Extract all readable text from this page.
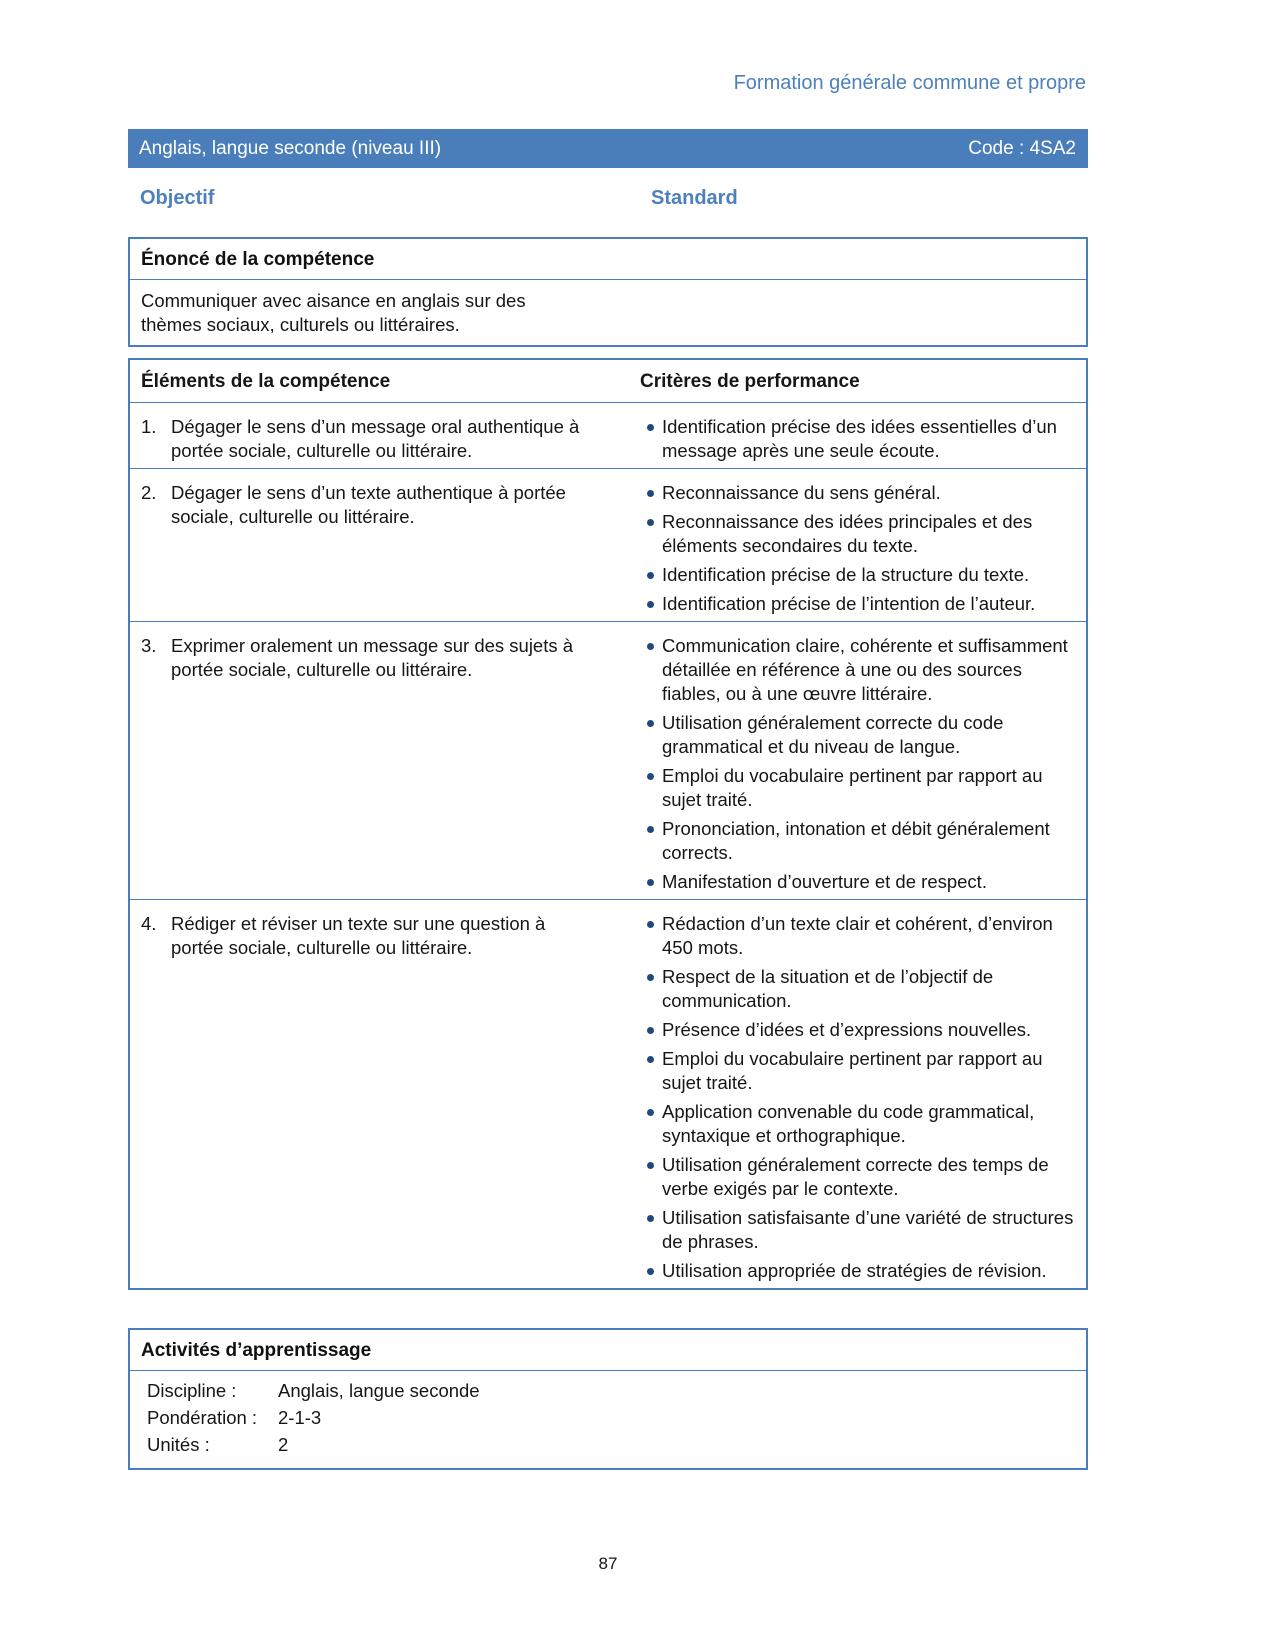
Formation générale commune et propre
Anglais, langue seconde (niveau III)	Code : 4SA2
Objectif	Standard
Énoncé de la compétence
Communiquer avec aisance en anglais sur des
thèmes sociaux, culturels ou littéraires.
Éléments de la compétence	Critères de performance
1. Dégager le sens d’un message oral authentique à portée sociale, culturelle ou littéraire.
Identification précise des idées essentielles d’un message après une seule écoute.
2. Dégager le sens d’un texte authentique à portée sociale, culturelle ou littéraire.
Reconnaissance du sens général.
Reconnaissance des idées principales et des éléments secondaires du texte.
Identification précise de la structure du texte.
Identification précise de l’intention de l’auteur.
3. Exprimer oralement un message sur des sujets à portée sociale, culturelle ou littéraire.
Communication claire, cohérente et suffisamment détaillée en référence à une ou des sources fiables, ou à une œuvre littéraire.
Utilisation généralement correcte du code grammatical et du niveau de langue.
Emploi du vocabulaire pertinent par rapport au sujet traité.
Prononciation, intonation et débit généralement corrects.
Manifestation d’ouverture et de respect.
4. Rédiger et réviser un texte sur une question à portée sociale, culturelle ou littéraire.
Rédaction d’un texte clair et cohérent, d’environ 450 mots.
Respect de la situation et de l’objectif de communication.
Présence d’idées et d’expressions nouvelles.
Emploi du vocabulaire pertinent par rapport au sujet traité.
Application convenable du code grammatical, syntaxique et orthographique.
Utilisation généralement correcte des temps de verbe exigés par le contexte.
Utilisation satisfaisante d’une variété de structures de phrases.
Utilisation appropriée de stratégies de révision.
Activités d’apprentissage
Discipline :	Anglais, langue seconde
Pondération :	2-1-3
Unités :	2
87
